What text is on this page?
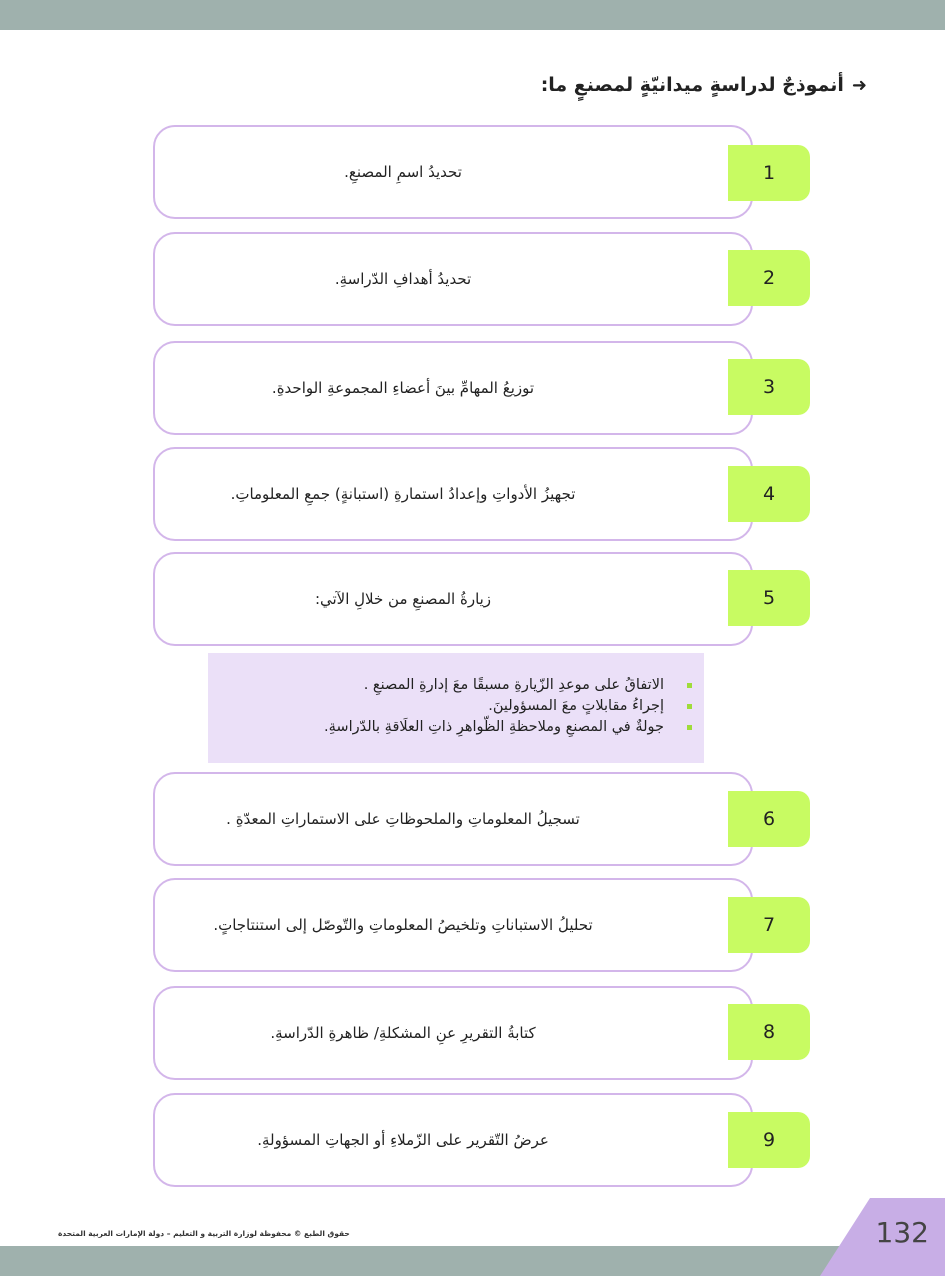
➜
أنموذجٌ لدراسةٍ ميدانيّةٍ لمصنعٍ ما:
تحديدُ اسمِ المصنعِ.	1
تحديدُ أهدافِ الدّراسةِ.	2
توزيعُ المهامِّ بينَ أعضاءِ المجموعةِ الواحدةِ.	3
تجهيزُ الأدواتِ وإعدادُ استمارةِ (استبانةٍ) جمعِ المعلوماتِ.	4
زيارةُ المصنعِ من خلالِ الآتي:	5
الاتفاقُ على موعدِ الزّيارةِ مسبقًا معَ إدارةِ المصنعِ .
إجراءُ مقابلاتٍ معَ المسؤولينَ.
جولةٌ في المصنعِ وملاحظةِ الظّواهرِ ذاتِ العلَاقةِ بالدّراسةِ.
تسجيلُ المعلوماتِ والملحوظاتِ على الاستماراتِ المعدّةِ .	6
تحليلُ الاستباناتِ وتلخيصُ المعلوماتِ والتّوصّل إلى استنتاجاتٍ.	7
كتابةُ التقريرِ عنِ المشكلةِ/ ظاهرةِ الدّراسةِ.	8
عرضُ التّقرير على الزّملاءِ أو الجهاتِ المسؤولةِ.	9
حقوق الطبع © محفوظة لوزارة التربية و التعليم – دولة الإمارات العربية المتحدة	132
